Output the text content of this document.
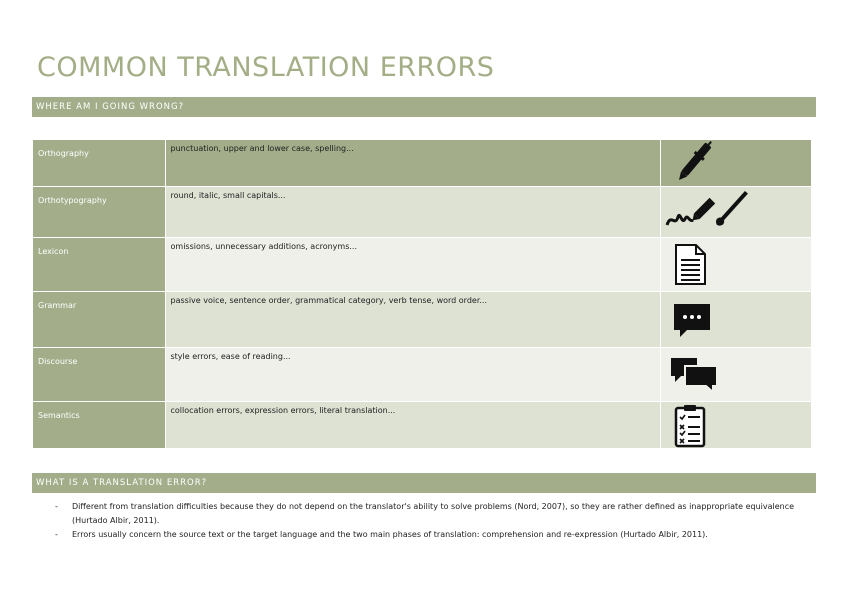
COMMON TRANSLATION ERRORS
WHERE AM I GOING WRONG?
Orthography	punctuation, upper and lower case, spelling...	

Orthotypography	round, italic, small capitals...	

Lexicon	omissions, unnecessary additions, acronyms...	

Grammar	passive voice, sentence order, grammatical category, verb tense, word order...	

Discourse	style errors, ease of reading...	

Semantics	collocation errors, expression errors, literal translation...	
WHAT IS A TRANSLATION ERROR?
- Different from translation difficulties because they do not depend on the translator's ability to solve problems (Nord, 2007), so they are rather defined as inappropriate equivalence (Hurtado Albir, 2011).
- Errors usually concern the source text or the target language and the two main phases of translation: comprehension and re-expression (Hurtado Albir, 2011).
